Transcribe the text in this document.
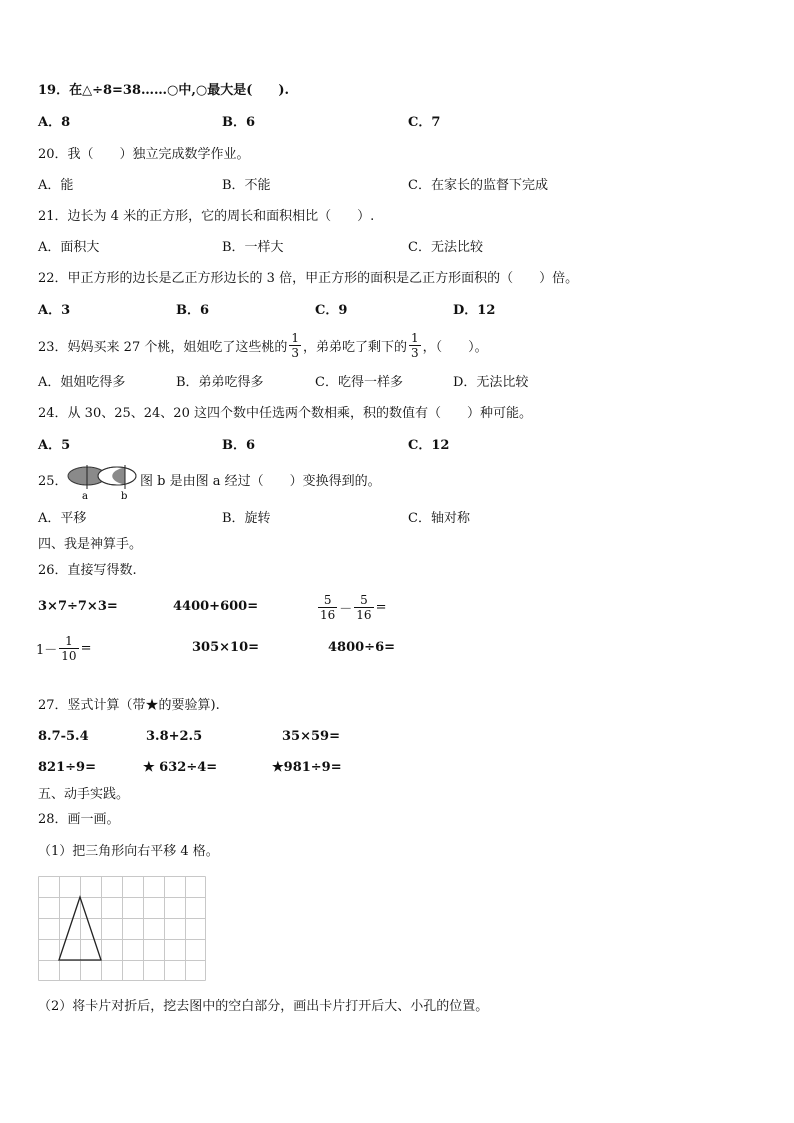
19．在△÷8=38……○中,○最大是(　　).
A．8	B．6	C．7
20．我（　　）独立完成数学作业。
A．能	B．不能	C．在家长的监督下完成
21．边长为 4 米的正方形，它的周长和面积相比（　　）.
A．面积大	B．一样大	C．无法比较
22．甲正方形的边长是乙正方形边长的 3 倍，甲正方形的面积是乙正方形面积的（　　）倍。
A．3	B．6	C．9	D．12
23．妈妈买来 27 个桃，姐姐吃了这些桃的 $\frac{1}{3}$ ，弟弟吃了剩下的 $\frac{1}{3}$ ，（　　）。
A．姐姐吃得多	B．弟弟吃得多	C．吃得一样多	D．无法比较
24．从 30、25、24、20 这四个数中任选两个数相乘，积的数值有（　　）种可能。
A．5	B．6	C．12
25．
a	b
图 b 是由图 a 经过（　　）变换得到的。
A．平移	B．旋转	C．轴对称
四、我是神算手。
26．直接写得数.
3×7÷7×3=	4400+600=	$\frac{5}{16} - \frac{5}{16}$ =
$1- \frac{1}{10}$ =	305×10=	4800÷6=
27．竖式计算（带★的要验算).
8.7-5.4	3.8+2.5	35×59=
821÷9=	★ 632÷4=	★981÷9=
五、动手实践。
28．画一画。
（1）把三角形向右平移 4 格。
（2）将卡片对折后，挖去图中的空白部分，画出卡片打开后大、小孔的位置。
